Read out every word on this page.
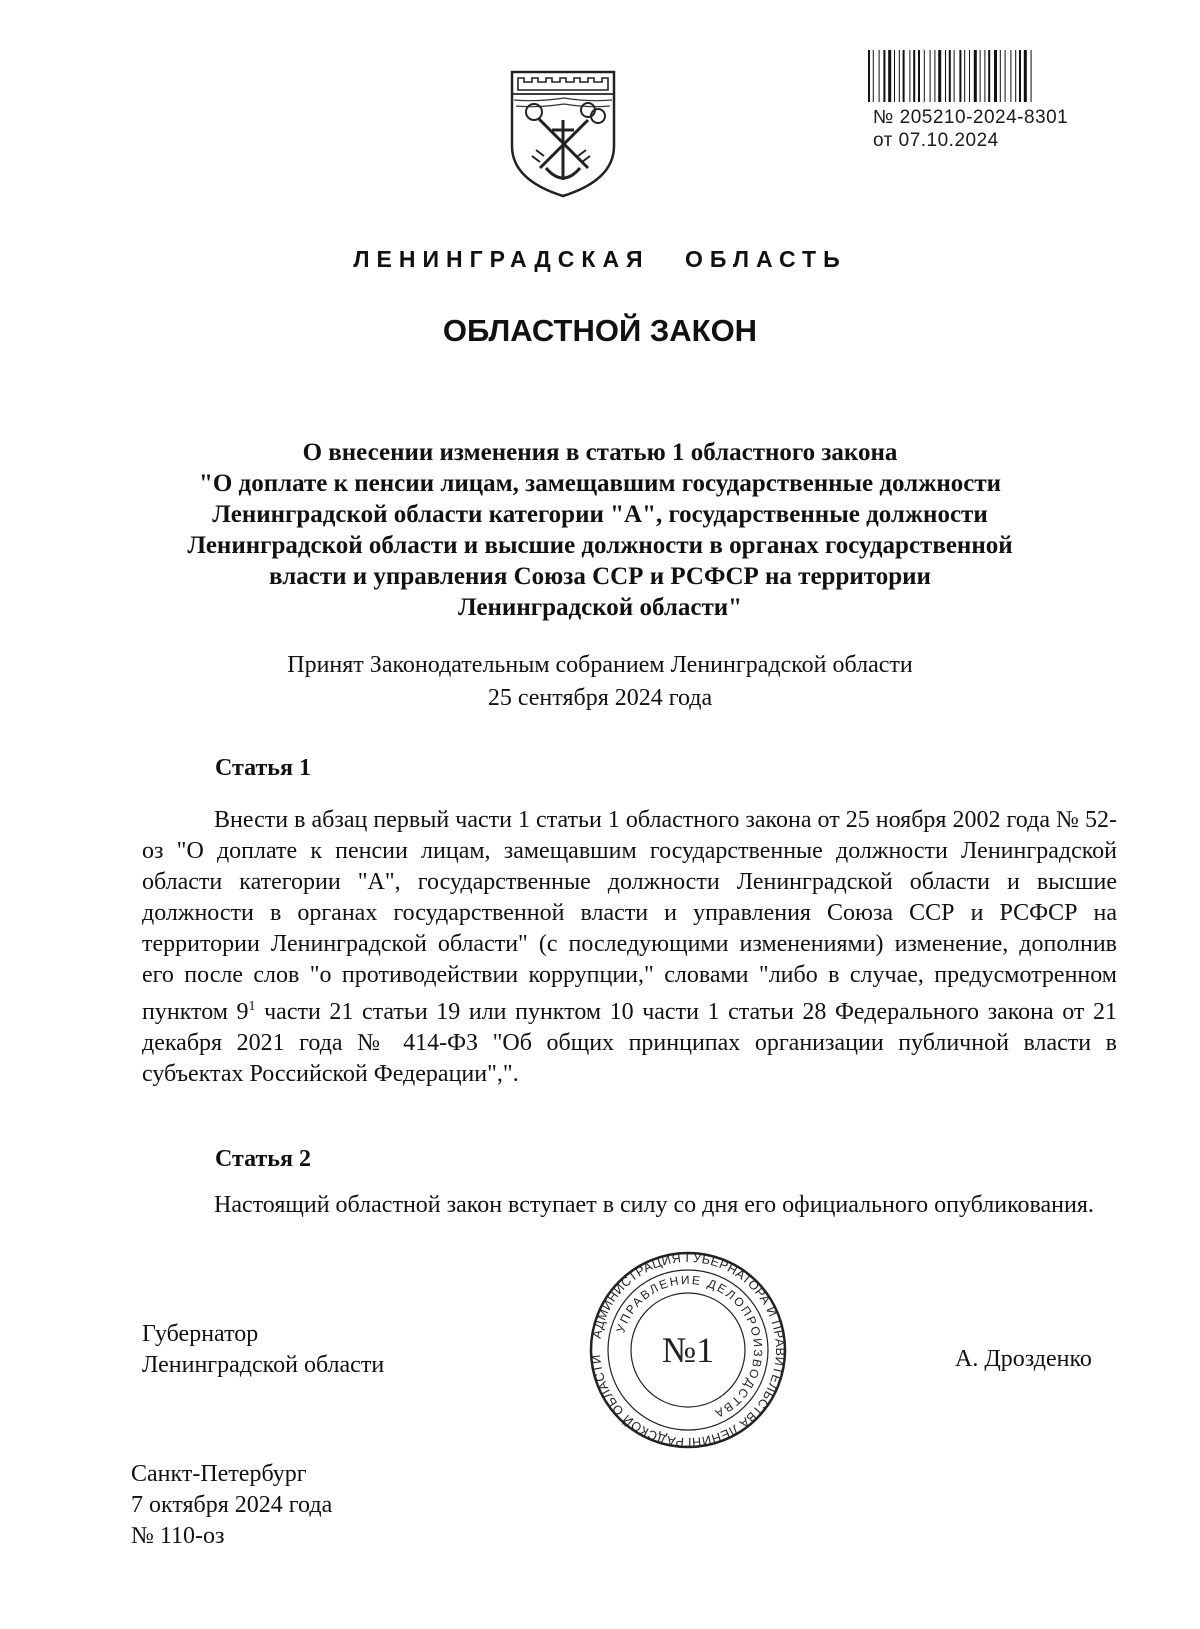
№ 205210-2024-8301
от 07.10.2024
ЛЕНИНГРАДСКАЯ ОБЛАСТЬ
ОБЛАСТНОЙ ЗАКОН
О внесении изменения в статью 1 областного закона
"О доплате к пенсии лицам, замещавшим государственные должности
Ленинградской области категории "А", государственные должности
Ленинградской области и высшие должности в органах государственной
власти и управления Союза ССР и РСФСР на территории
Ленинградской области"
Принят Законодательным собранием Ленинградской области
25 сентября 2024 года
Статья 1
Внести в абзац первый части 1 статьи 1 областного закона от 25 ноября 2002 года № 52-оз "О доплате к пенсии лицам, замещавшим государственные должности Ленинградской области категории "А", государственные должности Ленинградской области и высшие должности в органах государственной власти и управления Союза ССР и РСФСР на территории Ленинградской области" (с последующими изменениями) изменение, дополнив его после слов "о противодействии коррупции," словами "либо в случае, предусмотренном пунктом $9^1$ части 21 статьи 19 или пунктом 10 части 1 статьи 28 Федерального закона от 21 декабря 2021 года № 414-ФЗ "Об общих принципах организации публичной власти в субъектах Российской Федерации",".
Статья 2
Настоящий областной закон вступает в силу со дня его официального опубликования.
Губернатор
Ленинградской области	А. Дрозденко
АДМИНИСТРАЦИЯ ГУБЕРНАТОРА И ПРАВИТЕЛЬСТВА ЛЕНИНГРАДСКОЙ ОБЛАСТИ
УПРАВЛЕНИЕ ДЕЛОПРОИЗВОДСТВА
№1
Санкт-Петербург
7 октября 2024 года
№ 110-оз
